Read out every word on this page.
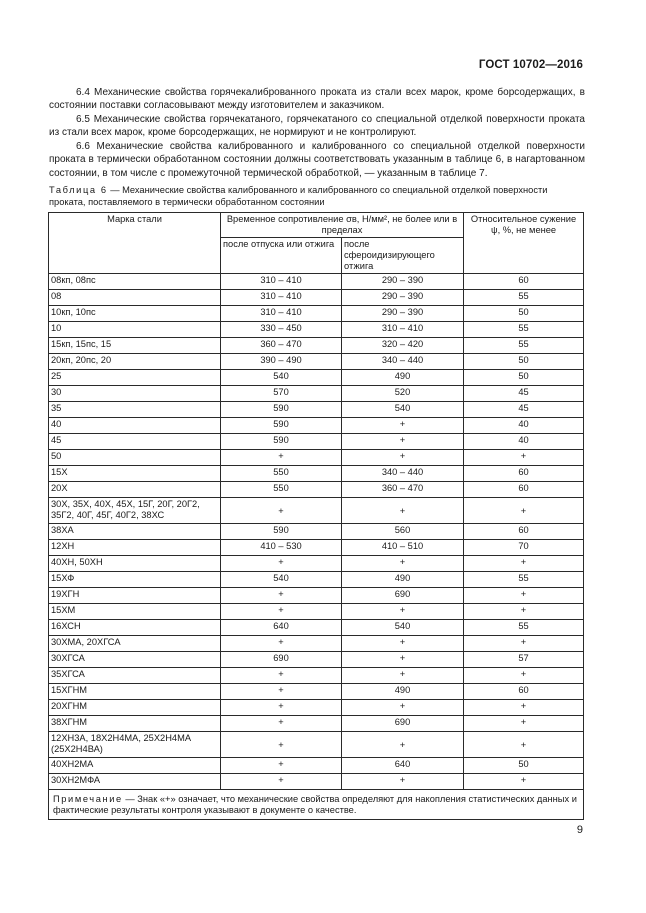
ГОСТ 10702—2016

6.4 Механические свойства горячекалиброванного проката из стали всех марок, кроме борсодержащих, в состоянии поставки согласовывают между изготовителем и заказчиком.

6.5 Механические свойства горячекатаного, горячекатаного со специальной отделкой поверхности проката из стали всех марок, кроме борсодержащих, не нормируют и не контролируют.

6.6 Механические свойства калиброванного и калиброванного со специальной отделкой поверхности проката в термически обработанном состоянии должны соответствовать указанным в таблице 6, в нагартованном состоянии, в том числе с промежуточной термической обработкой, — указанным в таблице 7.

Таблица 6 — Механические свойства калиброванного и калиброванного со специальной отделкой поверхности проката, поставляемого в термически обработанном состоянии
Марка стали	Временное сопротивление σв, Н/мм², не более или в пределах		Относительное сужение ψ, %, не менее
	после отпуска или отжига	после сфероидизирующего отжига	
08кп, 08пс	310 – 410	290 – 390	60
08	310 – 410	290 – 390	55
10кп, 10пс	310 – 410	290 – 390	50
10	330 – 450	310 – 410	55
15кп, 15пс, 15	360 – 470	320 – 420	55
20кп, 20пс, 20	390 – 490	340 – 440	50
25	540	490	50
30	570	520	45
35	590	540	45
40	590	+	40
45	590	+	40
50	+	+	+
15Х	550	340 – 440	60
20Х	550	360 – 470	60
30Х, 35Х, 40Х, 45Х, 15Г, 20Г, 20Г2, 35Г2, 40Г, 45Г, 40Г2, 38ХС	+	+	+
38ХА	590	560	60
12ХН	410 – 530	410 – 510	70
40ХН, 50ХН	+	+	+
15ХФ	540	490	55
19ХГН	+	690	+
15ХМ	+	+	+
16ХСН	640	540	55
30ХМА, 20ХГСА	+	+	+
30ХГСА	690	+	57
35ХГСА	+	+	+
15ХГНМ	+	490	60
20ХГНМ	+	+	+
38ХГНМ	+	690	+
12ХН3А, 18Х2Н4МА, 25Х2Н4МА (25Х2Н4ВА)	+	+	+
40ХН2МА	+	640	50
30ХН2МФА	+	+	+
Примечание — Знак «+» означает, что механические свойства определяют для накопления статистических данных и фактические результаты контроля указывают в документе о качестве.			
9
